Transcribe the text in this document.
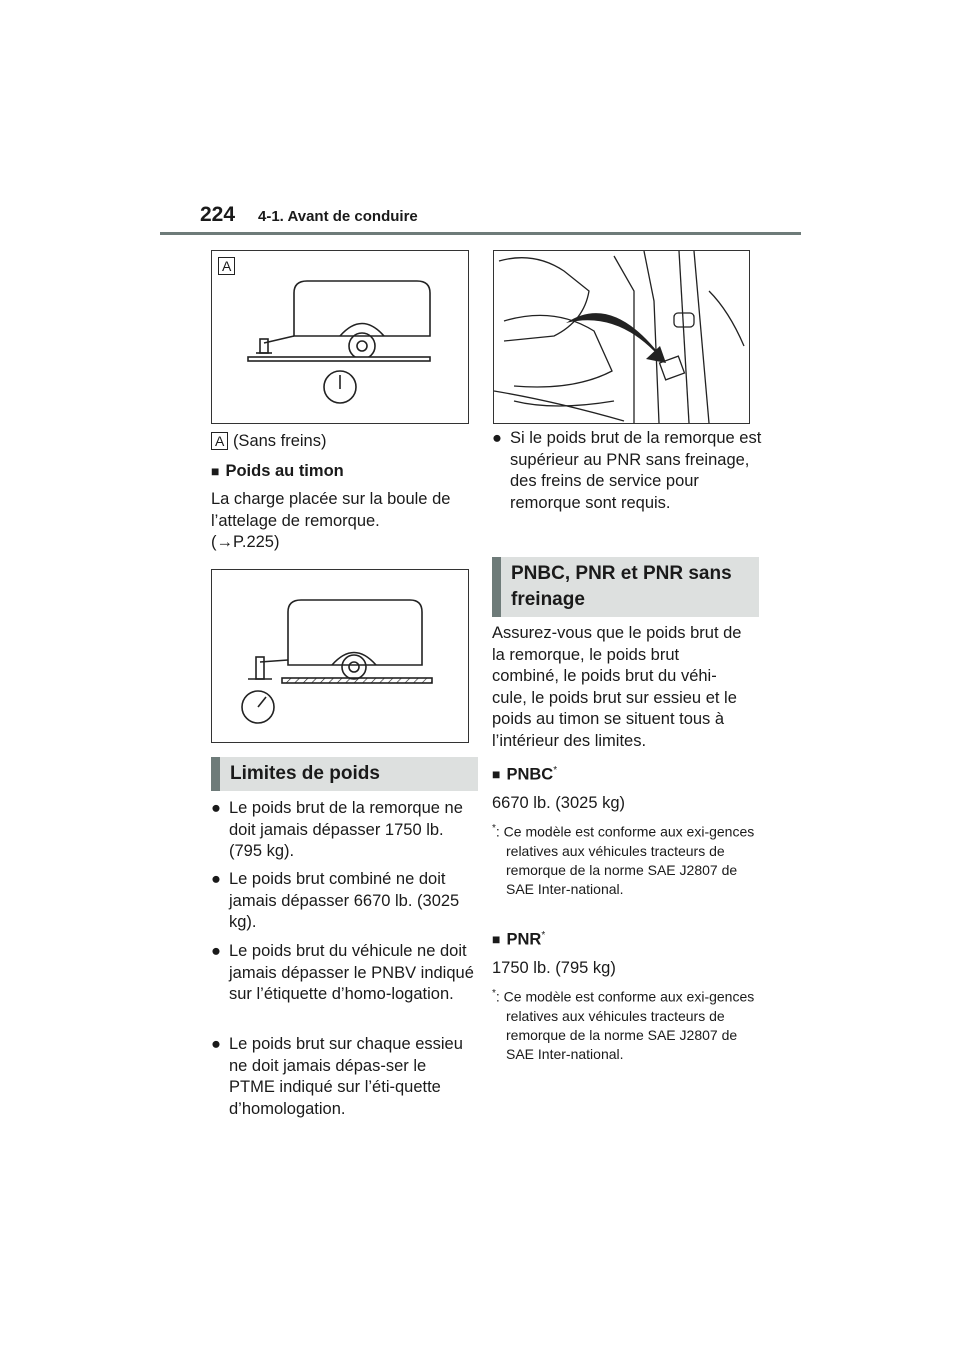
224 4-1. Avant de conduire
A
A (Sans freins)
■ Poids au timon
La charge placée sur la boule de l’attelage de remorque.
(→P.225)
Limites de poids
● Le poids brut de la remorque ne doit jamais dépasser 1750 lb. (795 kg).
● Le poids brut combiné ne doit jamais dépasser 6670 lb. (3025 kg).
● Le poids brut du véhicule ne doit jamais dépasser le PNBV indiqué sur l’étiquette d’homo-logation.
● Le poids brut sur chaque essieu ne doit jamais dépas-ser le PTME indiqué sur l’éti-quette d’homologation.
● Si le poids brut de la remorque est supérieur au PNR sans freinage, des freins de service pour remorque sont requis.
PNBC, PNR et PNR sans freinage
Assurez-vous que le poids brut de la remorque, le poids brut combiné, le poids brut du véhi-cule, le poids brut sur essieu et le poids au timon se situent tous à l’intérieur des limites.
■ PNBC*
6670 lb. (3025 kg)
*: Ce modèle est conforme aux exi-gences relatives aux véhicules tracteurs de remorque de la norme SAE J2807 de SAE Inter-national.
■ PNR*
1750 lb. (795 kg)
*: Ce modèle est conforme aux exi-gences relatives aux véhicules tracteurs de remorque de la norme SAE J2807 de SAE Inter-national.
